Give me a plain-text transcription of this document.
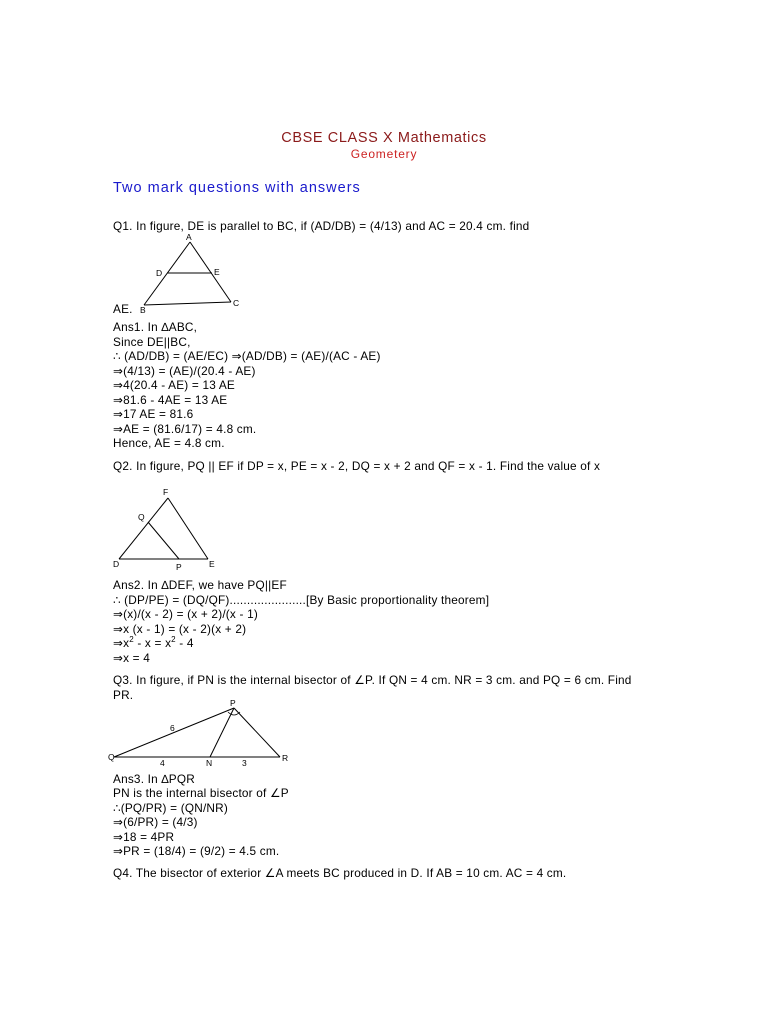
CBSE CLASS X Mathematics
Geometery
Two mark questions with answers
Q1. In figure, DE is parallel to BC, if (AD/DB) = (4/13) and AC = 20.4 cm. find
A
D	E
B
C
AE.
Ans1. In ∆ABC,
Since DE||BC,
∴ (AD/DB) = (AE/EC) ⇒(AD/DB) = (AE)/(AC - AE)
⇒(4/13) = (AE)/(20.4 - AE)
⇒4(20.4 - AE) = 13 AE
⇒81.6 - 4AE = 13 AE
⇒17 AE = 81.6
⇒AE = (81.6/17) = 4.8 cm.
Hence, AE = 4.8 cm.
Q2. In figure, PQ || EF if DP = x, PE = x - 2, DQ = x + 2 and QF = x - 1. Find the value of x
F
Q
D	P	E
Ans2. In ∆DEF, we have PQ||EF
∴ (DP/PE) = (DQ/QF)......................[By Basic proportionality theorem]
⇒(x)/(x - 2) = (x + 2)/(x - 1)
⇒x (x - 1) = (x - 2)(x + 2)
$\Rightarrow x^2 - x = x^2 - 4$
⇒x = 4
Q3. In figure, if PN is the internal bisector of ∠P. If QN = 4 cm. NR = 3 cm. and PQ = 6 cm. Find PR.
P
Q
N	R
6
4	3
Ans3. In ∆PQR
PN is the internal bisector of ∠P
∴(PQ/PR) = (QN/NR)
⇒(6/PR) = (4/3)
⇒18 = 4PR
⇒PR = (18/4) = (9/2) = 4.5 cm.
Q4. The bisector of exterior ∠A meets BC produced in D. If AB = 10 cm. AC = 4 cm.
